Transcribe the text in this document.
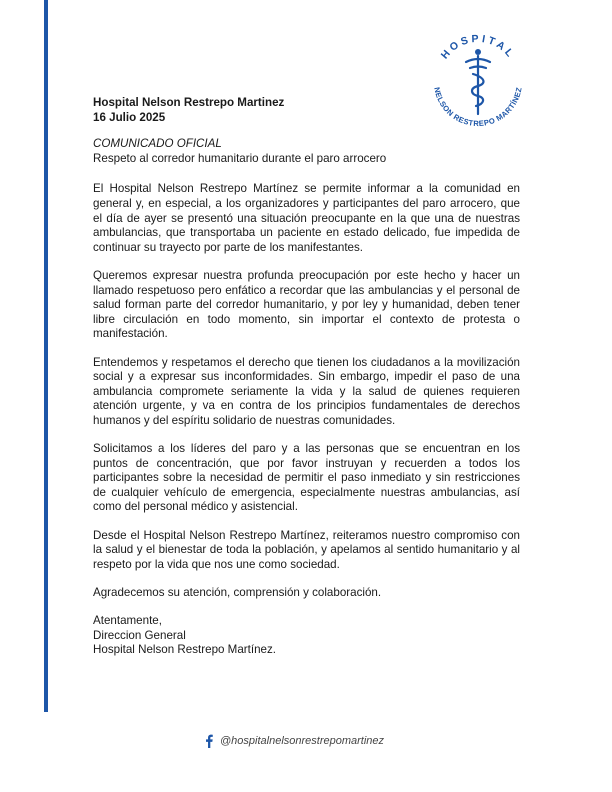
HOSPITAL
NELSON RESTREPO MARTÍNEZ
Hospital Nelson Restrepo Martinez
16 Julio 2025
COMUNICADO OFICIAL
Respeto al corredor humanitario durante el paro arrocero

El Hospital Nelson Restrepo Martínez se permite informar a la comunidad en general y, en especial, a los organizadores y participantes del paro arrocero, que el día de ayer se presentó una situación preocupante en la que una de nuestras ambulancias, que transportaba un paciente en estado delicado, fue impedida de continuar su trayecto por parte de los manifestantes.

Queremos expresar nuestra profunda preocupación por este hecho y hacer un llamado respetuoso pero enfático a recordar que las ambulancias y el personal de salud forman parte del corredor humanitario, y por ley y humanidad, deben tener libre circulación en todo momento, sin importar el contexto de protesta o manifestación.

Entendemos y respetamos el derecho que tienen los ciudadanos a la movilización social y a expresar sus inconformidades. Sin embargo, impedir el paso de una ambulancia compromete seriamente la vida y la salud de quienes requieren atención urgente, y va en contra de los principios fundamentales de derechos humanos y del espíritu solidario de nuestras comunidades.

Solicitamos a los líderes del paro y a las personas que se encuentran en los puntos de concentración, que por favor instruyan y recuerden a todos los participantes sobre la necesidad de permitir el paso inmediato y sin restricciones de cualquier vehículo de emergencia, especialmente nuestras ambulancias, así como del personal médico y asistencial.

Desde el Hospital Nelson Restrepo Martínez, reiteramos nuestro compromiso con la salud y el bienestar de toda la población, y apelamos al sentido humanitario y al respeto por la vida que nos une como sociedad.

Agradecemos su atención, comprensión y colaboración.

Atentamente,
Direccion General
Hospital Nelson Restrepo Martínez.
@hospitalnelsonrestrepomartinez
